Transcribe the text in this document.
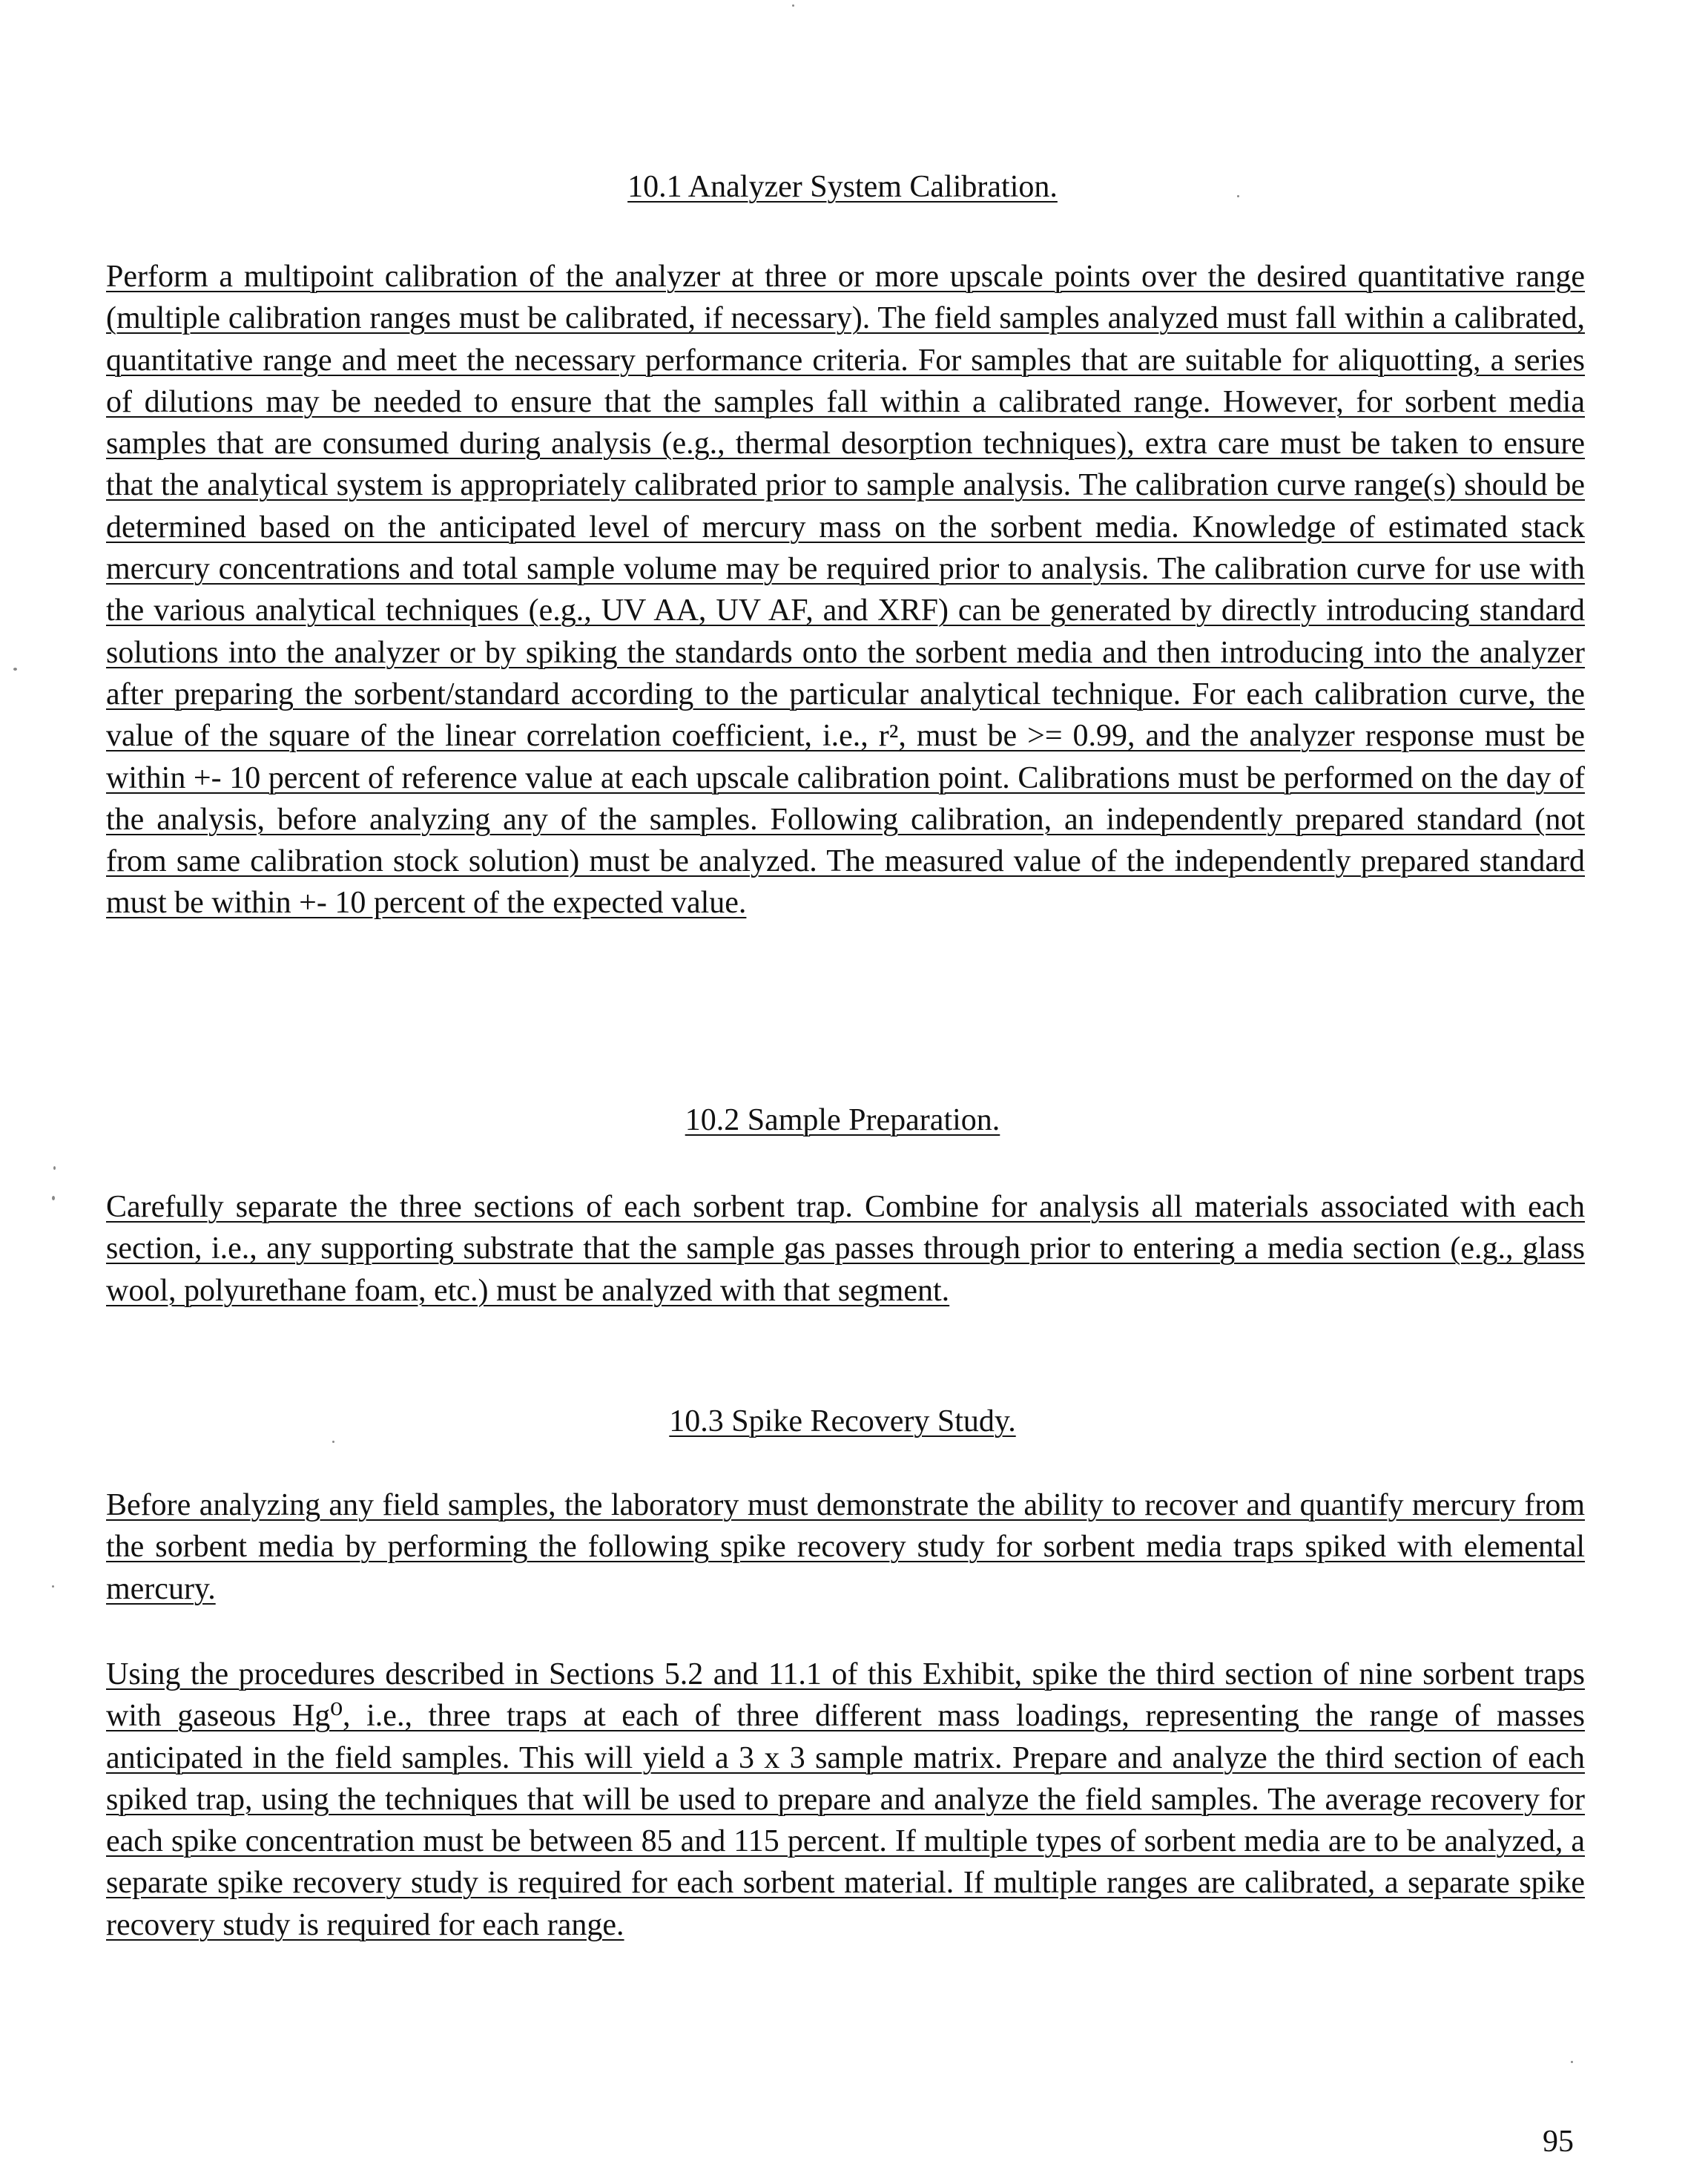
10.1 Analyzer System Calibration.

Perform a multipoint calibration of the analyzer at three or more upscale points over the desired quantitative range (multiple calibration ranges must be calibrated, if necessary). The field samples analyzed must fall within a calibrated, quantitative range and meet the necessary performance criteria. For samples that are suitable for aliquotting, a series of dilutions may be needed to ensure that the samples fall within a calibrated range. However, for sorbent media samples that are consumed during analysis (e.g., thermal desorption techniques), extra care must be taken to ensure that the analytical system is appropriately calibrated prior to sample analysis. The calibration curve range(s) should be determined based on the anticipated level of mercury mass on the sorbent media. Knowledge of estimated stack mercury concentrations and total sample volume may be required prior to analysis. The calibration curve for use with the various analytical techniques (e.g., UV AA, UV AF, and XRF) can be generated by directly introducing standard solutions into the analyzer or by spiking the standards onto the sorbent media and then introducing into the analyzer after preparing the sorbent/standard according to the particular analytical technique. For each calibration curve, the value of the square of the linear correlation coefficient, i.e., r², must be >= 0.99, and the analyzer response must be within +- 10 percent of reference value at each upscale calibration point. Calibrations must be performed on the day of the analysis, before analyzing any of the samples. Following calibration, an independently prepared standard (not from same calibration stock solution) must be analyzed. The measured value of the independently prepared standard must be within +- 10 percent of the expected value.

10.2 Sample Preparation.

Carefully separate the three sections of each sorbent trap. Combine for analysis all materials associated with each section, i.e., any supporting substrate that the sample gas passes through prior to entering a media section (e.g., glass wool, polyurethane foam, etc.) must be analyzed with that segment.

10.3 Spike Recovery Study.

Before analyzing any field samples, the laboratory must demonstrate the ability to recover and quantify mercury from the sorbent media by performing the following spike recovery study for sorbent media traps spiked with elemental mercury.

Using the procedures described in Sections 5.2 and 11.1 of this Exhibit, spike the third section of nine sorbent traps with gaseous Hg⁰, i.e., three traps at each of three different mass loadings, representing the range of masses anticipated in the field samples. This will yield a 3 x 3 sample matrix. Prepare and analyze the third section of each spiked trap, using the techniques that will be used to prepare and analyze the field samples. The average recovery for each spike concentration must be between 85 and 115 percent. If multiple types of sorbent media are to be analyzed, a separate spike recovery study is required for each sorbent material. If multiple ranges are calibrated, a separate spike recovery study is required for each range.

95
